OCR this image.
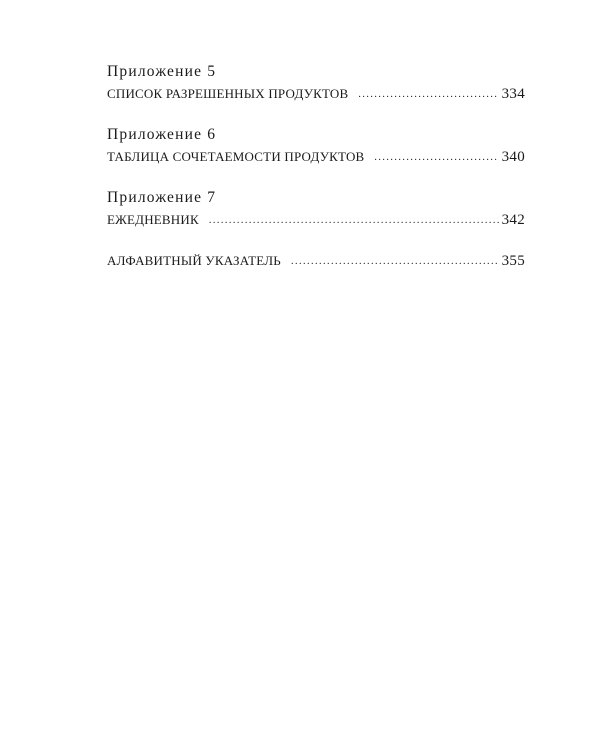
Приложение 5
СПИСОК РАЗРЕШЕННЫХ ПРОДУКТОВ . . .	334
Приложение 6
ТАБЛИЦА СОЧЕТАЕМОСТИ ПРОДУКТОВ . . .	340
Приложение 7
ЕЖЕДНЕВНИК . . .	342
АЛФАВИТНЫЙ УКАЗАТЕЛЬ . . .	355
